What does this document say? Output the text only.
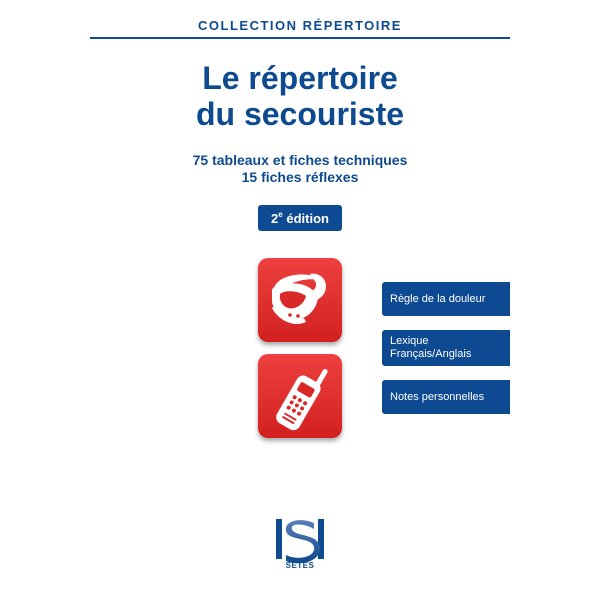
COLLECTION RÉPERTOIRE
Le répertoire
du secouriste
75 tableaux et fiches techniques
15 fiches réflexes
2e
édition
Règle de la douleur
Lexique
Français/Anglais
Notes personnelles
SETES
